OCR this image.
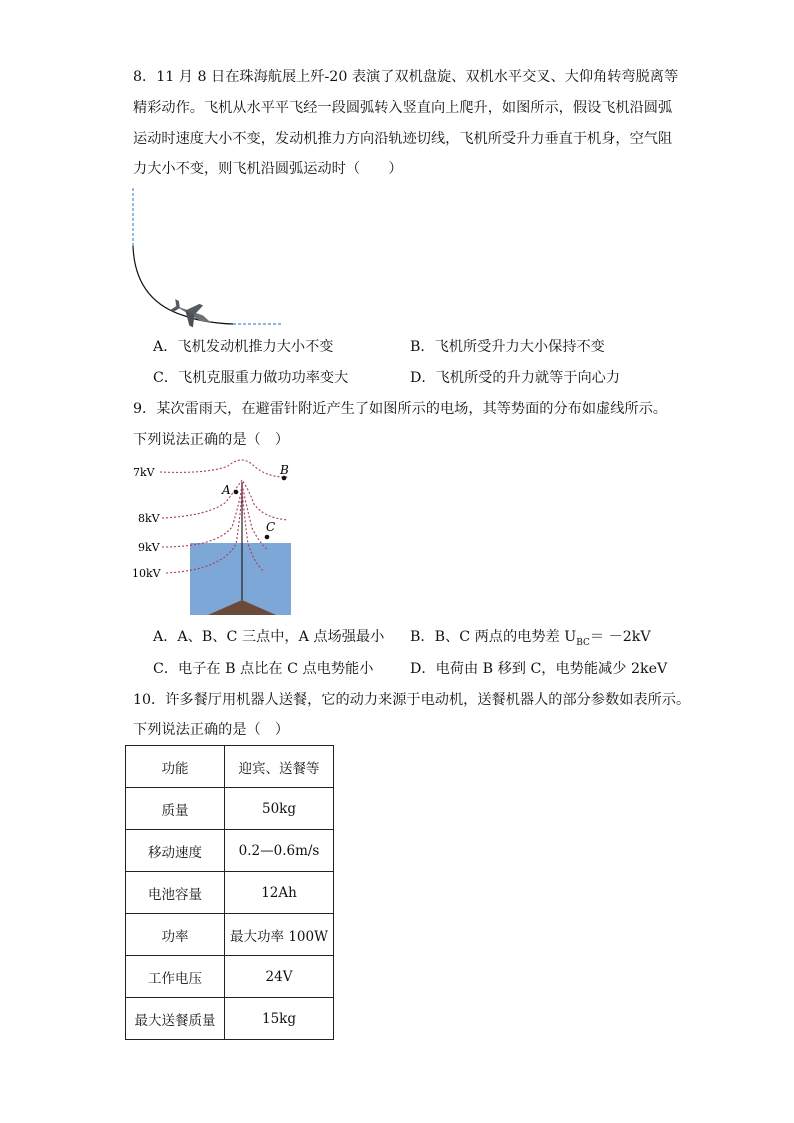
8．11 月 8 日在珠海航展上歼-20 表演了双机盘旋、双机水平交叉、大仰角转弯脱离等
精彩动作。飞机从水平平飞经一段圆弧转入竖直向上爬升，如图所示，假设飞机沿圆弧
运动时速度大小不变，发动机推力方向沿轨迹切线，飞机所受升力垂直于机身，空气阻
力大小不变，则飞机沿圆弧运动时（　　）
A．飞机发动机推力大小不变	B．飞机所受升力大小保持不变
C．飞机克服重力做功功率变大	D．飞机所受的升力就等于向心力
9．某次雷雨天，在避雷针附近产生了如图所示的电场，其等势面的分布如虚线所示。
下列说法正确的是（　）
A
B
C
7kV
8kV
9kV
10kV
A．A、B、C 三点中，A 点场强最小 B．B、C 两点的电势差 $U_{BC}= -2kV$
C．电子在 B 点比在 C 点电势能小	D．电荷由 B 移到 C，电势能减少 2keV
10．许多餐厅用机器人送餐，它的动力来源于电动机，送餐机器人的部分参数如表所示。
下列说法正确的是（　）
功能	迎宾、送餐等
质量	50kg
移动速度	0.2—0.6m/s
电池容量	12Ah
功率	最大功率 100W
工作电压	24V
最大送餐质量	15kg
